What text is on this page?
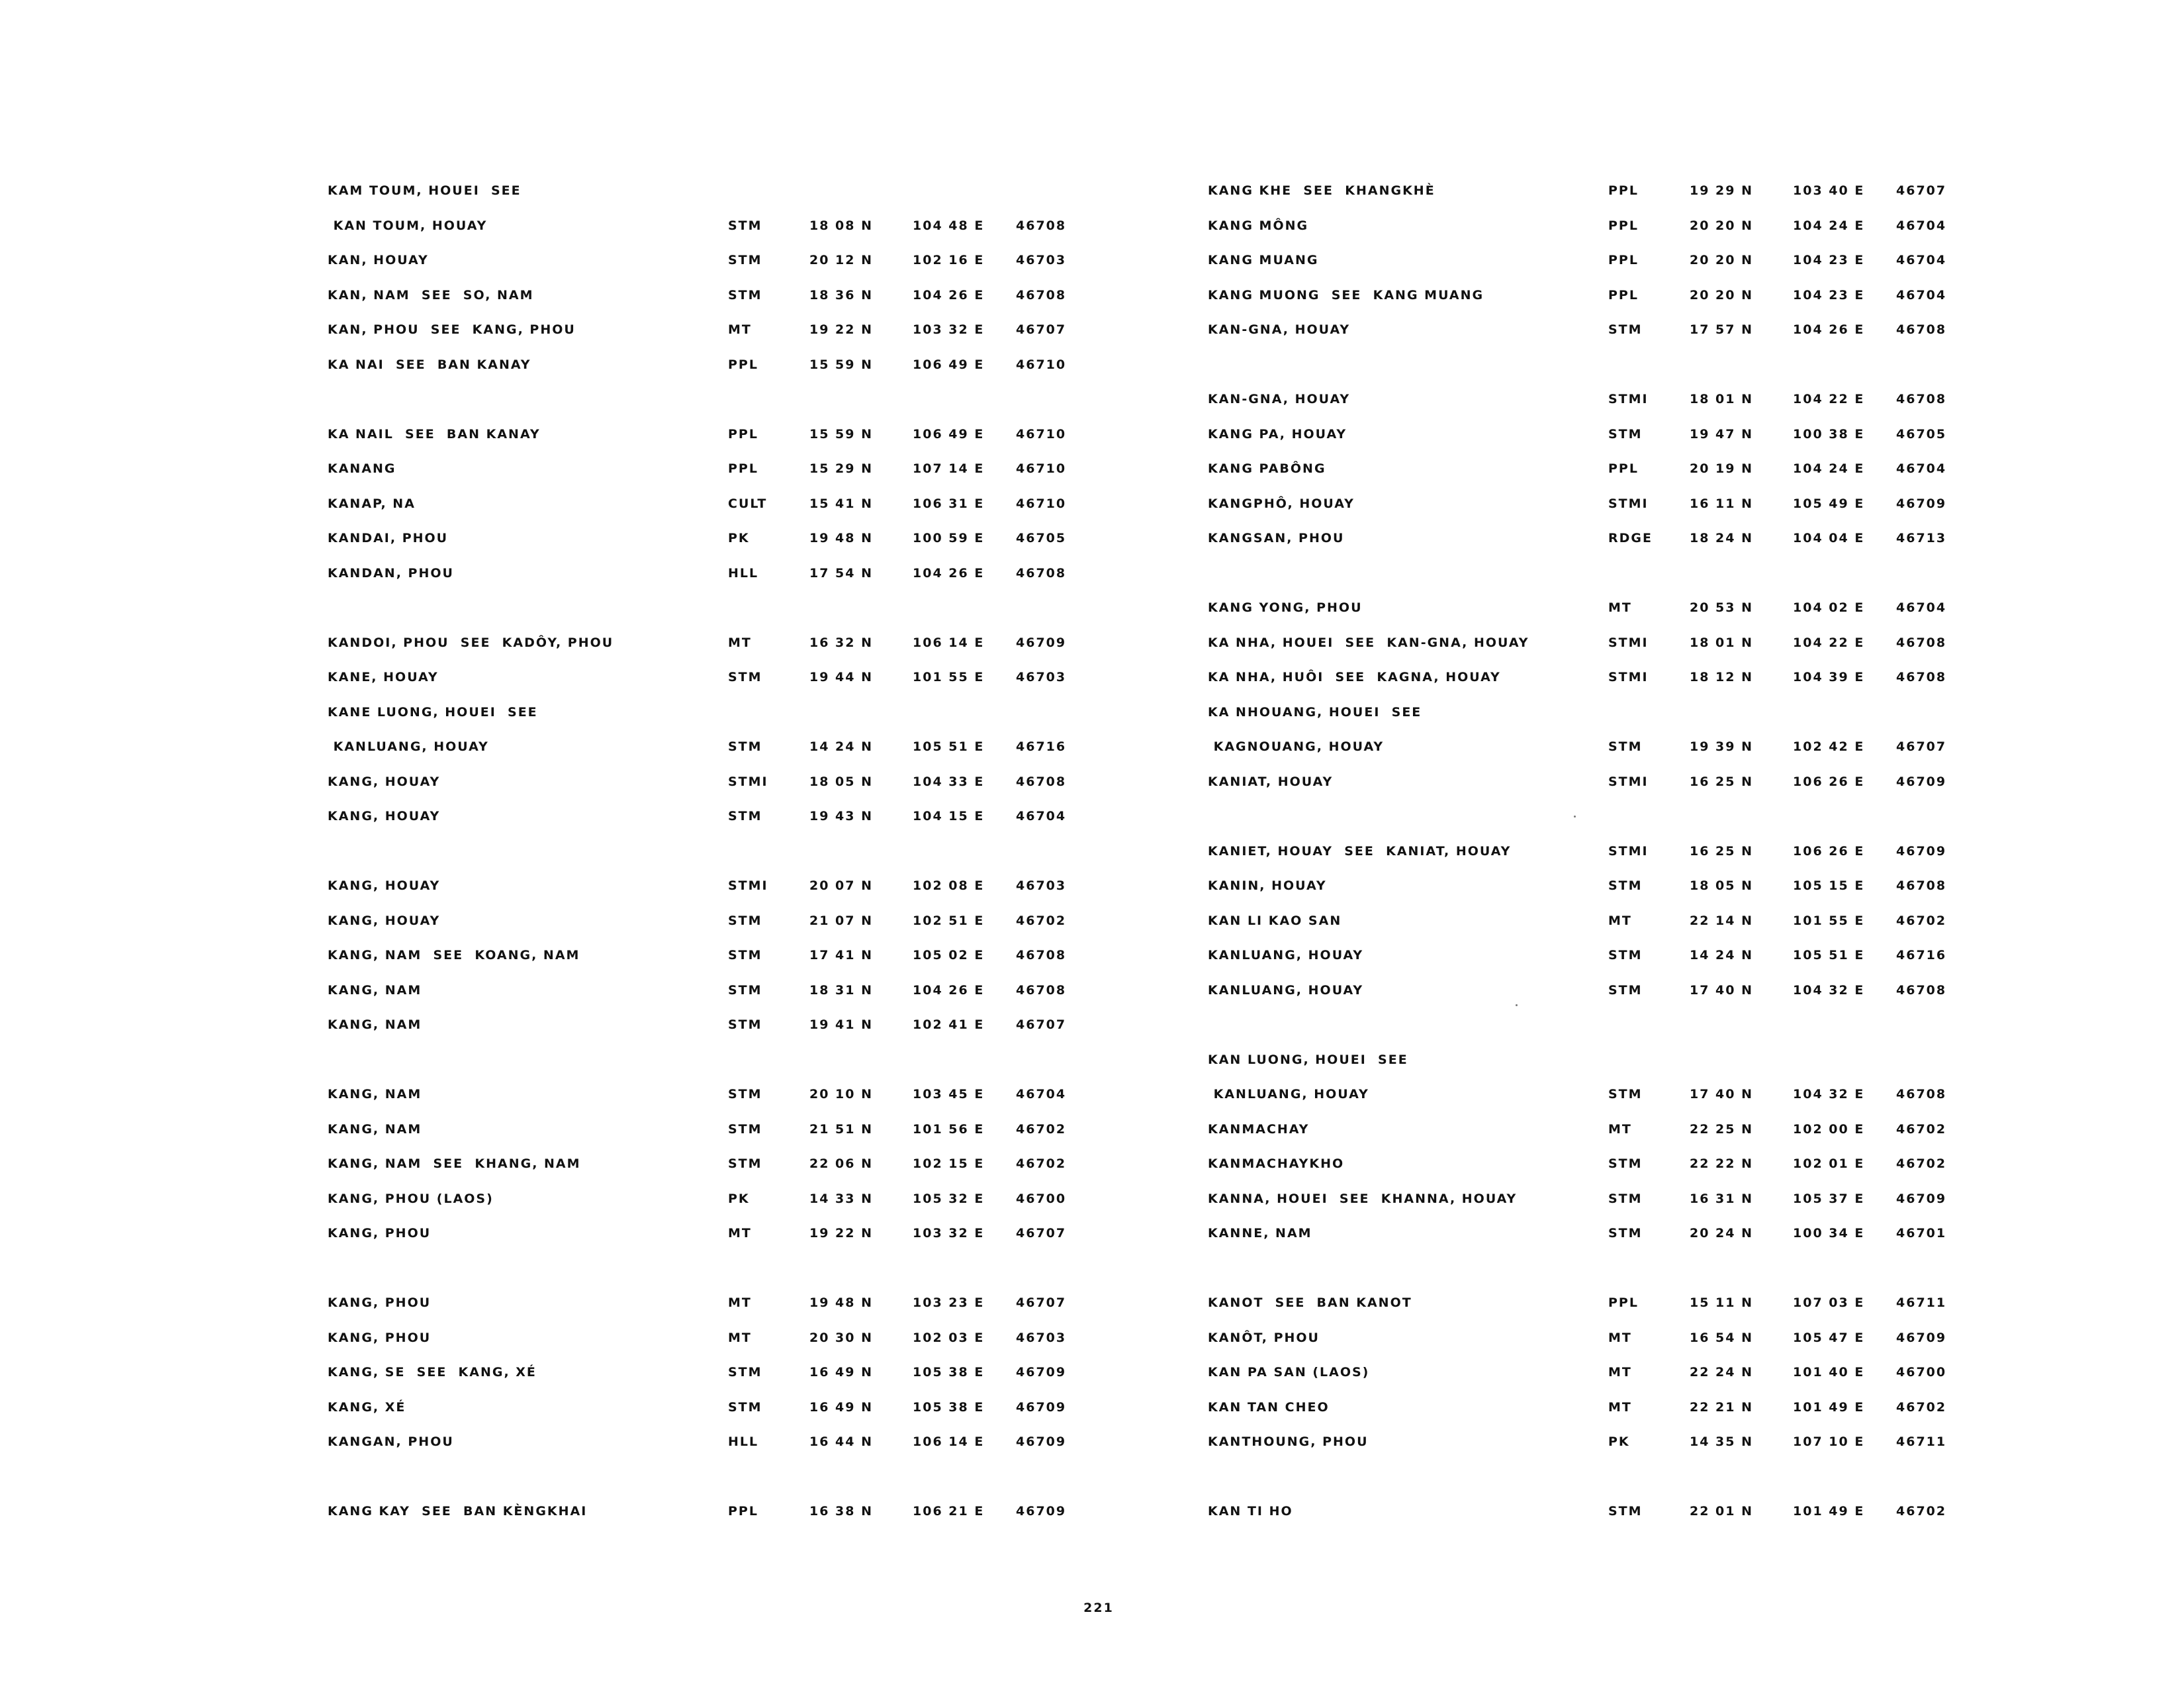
KAM TOUM, HOUEI  SEE
KAN TOUM, HOUAY	STM	18 08 N	104 48 E	46708
KAN, HOUAY	STM	20 12 N	102 16 E	46703
KAN, NAM  SEE  SO, NAM	STM	18 36 N	104 26 E	46708
KAN, PHOU  SEE  KANG, PHOU	MT	19 22 N	103 32 E	46707
KA NAI  SEE  BAN KANAY	PPL	15 59 N	106 49 E	46710
KA NAIL  SEE  BAN KANAY	PPL	15 59 N	106 49 E	46710
KANANG	PPL	15 29 N	107 14 E	46710
KANAP, NA	CULT	15 41 N	106 31 E	46710
KANDAI, PHOU	PK	19 48 N	100 59 E	46705
KANDAN, PHOU	HLL	17 54 N	104 26 E	46708
KANDOI, PHOU  SEE  KADÔY, PHOU	MT	16 32 N	106 14 E	46709
KANE, HOUAY	STM	19 44 N	101 55 E	46703
KANE LUONG, HOUEI  SEE
KANLUANG, HOUAY	STM	14 24 N	105 51 E	46716
KANG, HOUAY	STMI	18 05 N	104 33 E	46708
KANG, HOUAY	STM	19 43 N	104 15 E	46704
KANG, HOUAY	STMI	20 07 N	102 08 E	46703
KANG, HOUAY	STM	21 07 N	102 51 E	46702
KANG, NAM  SEE  KOANG, NAM	STM	17 41 N	105 02 E	46708
KANG, NAM	STM	18 31 N	104 26 E	46708
KANG, NAM	STM	19 41 N	102 41 E	46707
KANG, NAM	STM	20 10 N	103 45 E	46704
KANG, NAM	STM	21 51 N	101 56 E	46702
KANG, NAM  SEE  KHANG, NAM	STM	22 06 N	102 15 E	46702
KANG, PHOU (LAOS)	PK	14 33 N	105 32 E	46700
KANG, PHOU	MT	19 22 N	103 32 E	46707
KANG, PHOU	MT	19 48 N	103 23 E	46707
KANG, PHOU	MT	20 30 N	102 03 E	46703
KANG, SE  SEE  KANG, XÉ	STM	16 49 N	105 38 E	46709
KANG, XÉ	STM	16 49 N	105 38 E	46709
KANGAN, PHOU	HLL	16 44 N	106 14 E	46709
KANG KAY  SEE  BAN KÈNGKHAI	PPL	16 38 N	106 21 E	46709
KANG KHE  SEE  KHANGKHÈ	PPL	19 29 N	103 40 E	46707
KANG MÔNG	PPL	20 20 N	104 24 E	46704
KANG MUANG	PPL	20 20 N	104 23 E	46704
KANG MUONG  SEE  KANG MUANG	PPL	20 20 N	104 23 E	46704
KAN-GNA, HOUAY	STM	17 57 N	104 26 E	46708
KAN-GNA, HOUAY	STMI	18 01 N	104 22 E	46708
KANG PA, HOUAY	STM	19 47 N	100 38 E	46705
KANG PABÔNG	PPL	20 19 N	104 24 E	46704
KANGPHÔ, HOUAY	STMI	16 11 N	105 49 E	46709
KANGSAN, PHOU	RDGE	18 24 N	104 04 E	46713
KANG YONG, PHOU	MT	20 53 N	104 02 E	46704
KA NHA, HOUEI  SEE  KAN-GNA, HOUAY	STMI	18 01 N	104 22 E	46708
KA NHA, HUÔI  SEE  KAGNA, HOUAY	STMI	18 12 N	104 39 E	46708
KA NHOUANG, HOUEI  SEE
KAGNOUANG, HOUAY	STM	19 39 N	102 42 E	46707
KANIAT, HOUAY	STMI	16 25 N	106 26 E	46709
KANIET, HOUAY  SEE  KANIAT, HOUAY	STMI	16 25 N	106 26 E	46709
KANIN, HOUAY	STM	18 05 N	105 15 E	46708
KAN LI KAO SAN	MT	22 14 N	101 55 E	46702
KANLUANG, HOUAY	STM	14 24 N	105 51 E	46716
KANLUANG, HOUAY	STM	17 40 N	104 32 E	46708
KAN LUONG, HOUEI  SEE
KANLUANG, HOUAY	STM	17 40 N	104 32 E	46708
KANMACHAY	MT	22 25 N	102 00 E	46702
KANMACHAYKHO	STM	22 22 N	102 01 E	46702
KANNA, HOUEI  SEE  KHANNA, HOUAY	STM	16 31 N	105 37 E	46709
KANNE, NAM	STM	20 24 N	100 34 E	46701
KANOT  SEE  BAN KANOT	PPL	15 11 N	107 03 E	46711
KANÔT, PHOU	MT	16 54 N	105 47 E	46709
KAN PA SAN (LAOS)	MT	22 24 N	101 40 E	46700
KAN TAN CHEO	MT	22 21 N	101 49 E	46702
KANTHOUNG, PHOU	PK	14 35 N	107 10 E	46711
KAN TI HO	STM	22 01 N	101 49 E	46702
221
